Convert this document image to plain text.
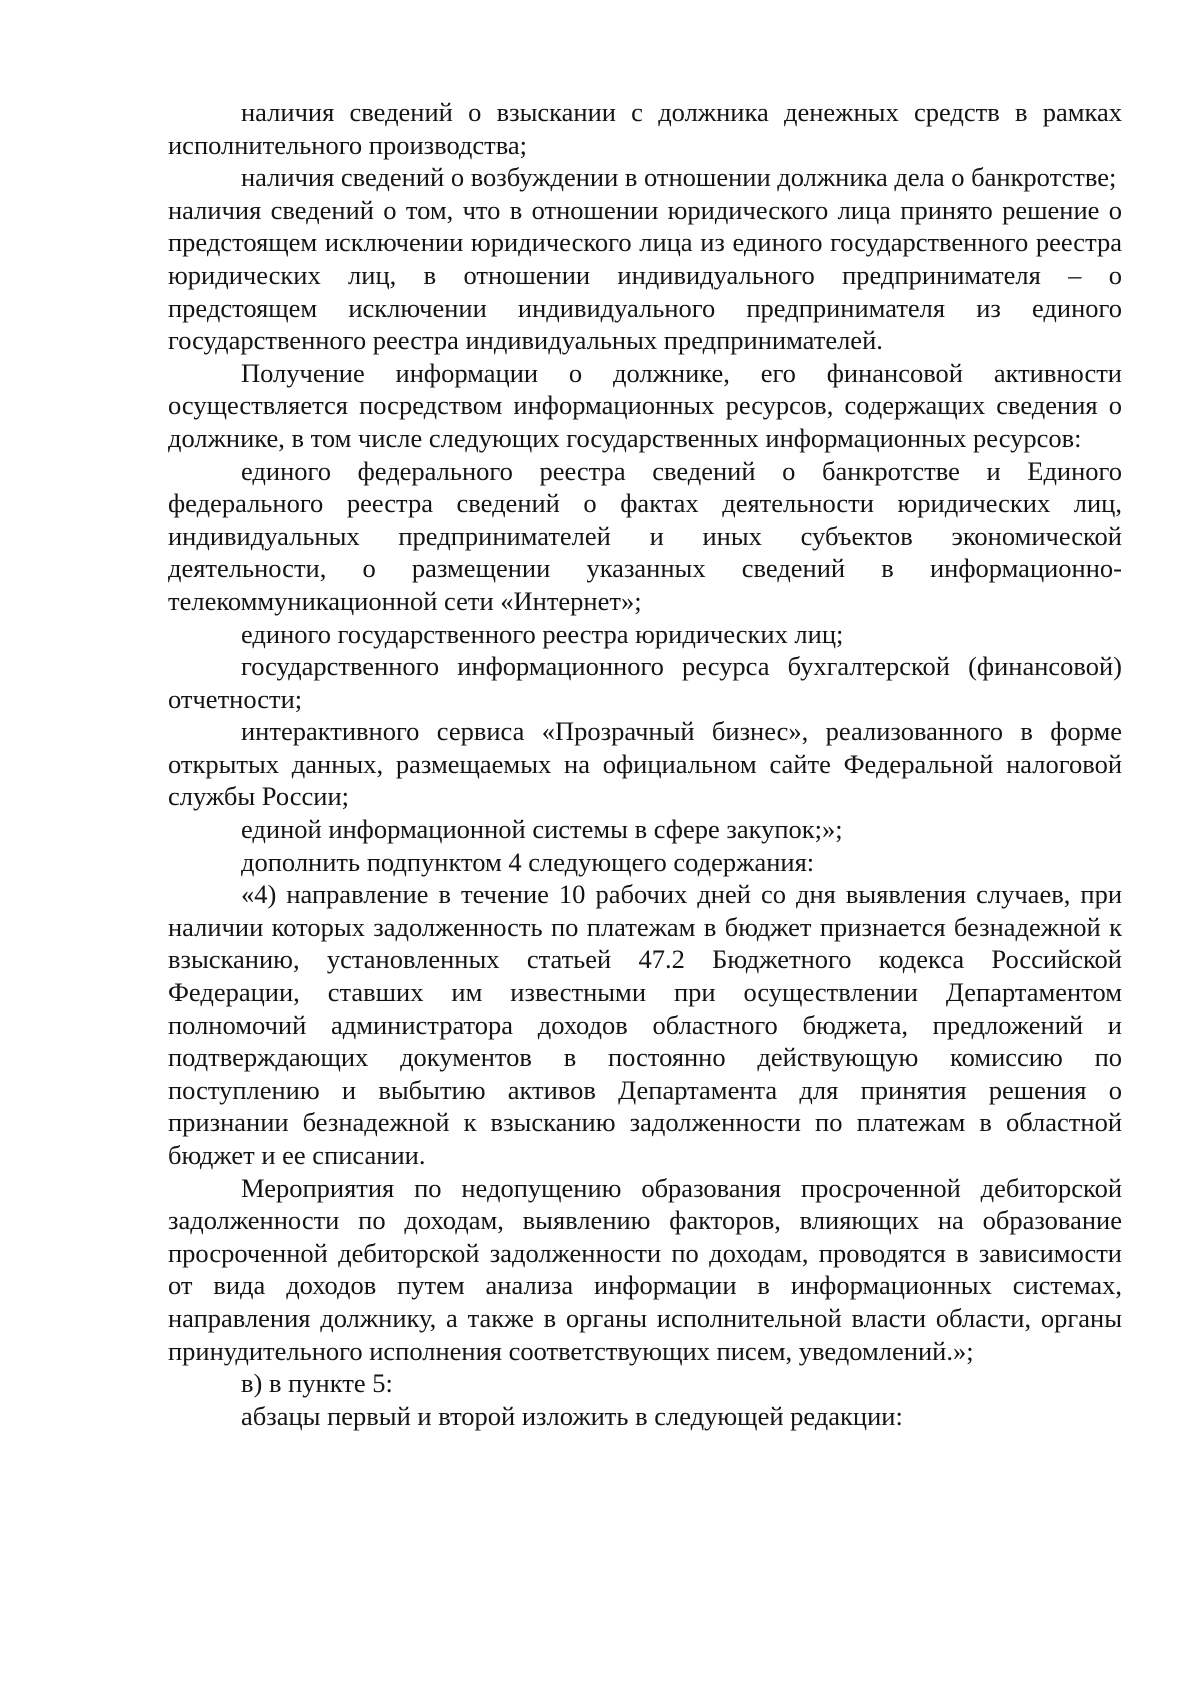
наличия сведений о взыскании с должника денежных средств в рамках исполнительного производства;

наличия сведений о возбуждении в отношении должника дела о банкротстве;

наличия сведений о том, что в отношении юридического лица принято решение о предстоящем исключении юридического лица из единого государственного реестра юридических лиц, в отношении индивидуального предпринимателя – о предстоящем исключении индивидуального предпринимателя из единого государственного реестра индивидуальных предпринимателей.

Получение информации о должнике, его финансовой активности осуществляется посредством информационных ресурсов, содержащих сведения о должнике, в том числе следующих государственных информационных ресурсов:

единого федерального реестра сведений о банкротстве и Единого федерального реестра сведений о фактах деятельности юридических лиц, индивидуальных предпринимателей и иных субъектов экономической деятельности, о размещении указанных сведений в информационно-телекоммуникационной сети «Интернет»;

единого государственного реестра юридических лиц;

государственного информационного ресурса бухгалтерской (финансовой) отчетности;

интерактивного сервиса «Прозрачный бизнес», реализованного в форме открытых данных, размещаемых на официальном сайте Федеральной налоговой службы России;

единой информационной системы в сфере закупок;»;

дополнить подпунктом 4 следующего содержания:

«4) направление в течение 10 рабочих дней со дня выявления случаев, при наличии которых задолженность по платежам в бюджет признается безнадежной к взысканию, установленных статьей 47.2 Бюджетного кодекса Российской Федерации, ставших им известными при осуществлении Департаментом полномочий администратора доходов областного бюджета, предложений и подтверждающих документов в постоянно действующую комиссию по поступлению и выбытию активов Департамента для принятия решения о признании безнадежной к взысканию задолженности по платежам в областной бюджет и ее списании.

Мероприятия по недопущению образования просроченной дебиторской задолженности по доходам, выявлению факторов, влияющих на образование просроченной дебиторской задолженности по доходам, проводятся в зависимости от вида доходов путем анализа информации в информационных системах, направления должнику, а также в органы исполнительной власти области, органы принудительного исполнения соответствующих писем, уведомлений.»;

в) в пункте 5:

абзацы первый и второй изложить в следующей редакции:
